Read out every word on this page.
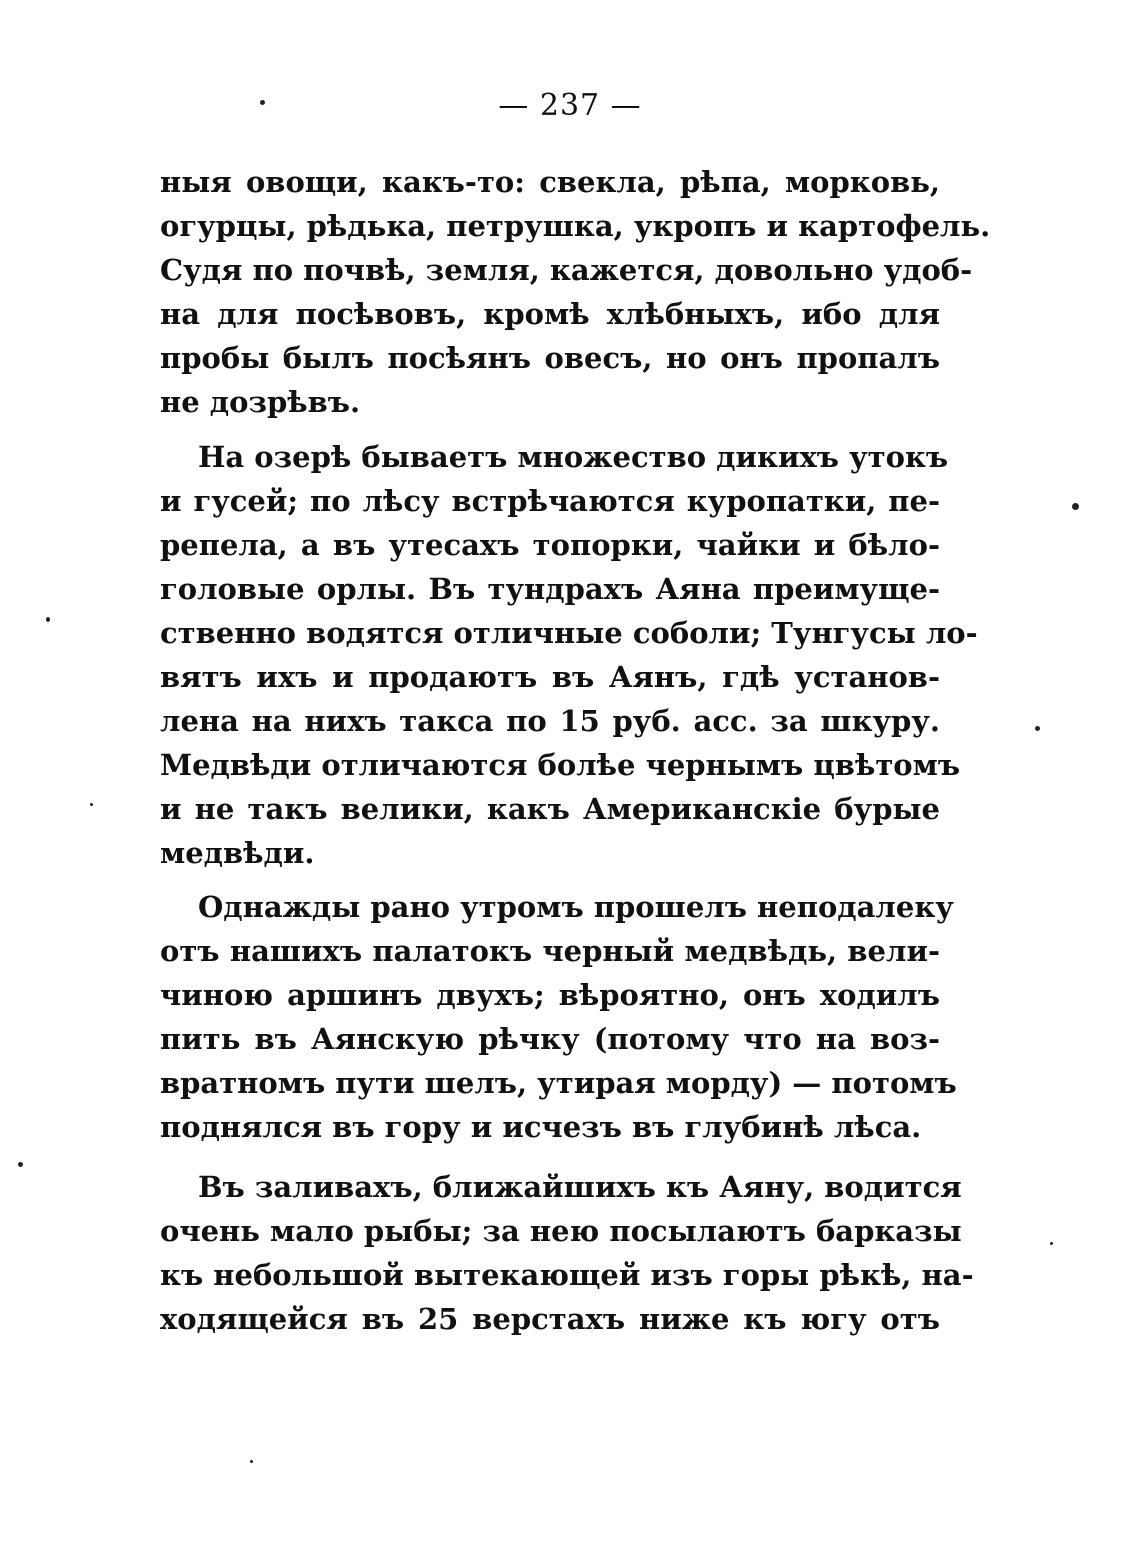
— 237 —
ныя овощи, какъ-то: свекла, рѣпа, морковь,
огурцы, рѣдька, петрушка, укропъ и картофель.
Судя по почвѣ, земля, кажется, довольно удоб-
на для посѣвовъ, кромѣ хлѣбныхъ, ибо для
пробы былъ посѣянъ овесъ, но онъ пропалъ
не дозрѣвъ.
На озерѣ бываетъ множество дикихъ утокъ
и гусей; по лѣсу встрѣчаются куропатки, пе-
репела, а въ утесахъ топорки, чайки и бѣло-
головые орлы. Въ тундрахъ Аяна преимуще-
ственно водятся отличные соболи; Тунгусы ло-
вятъ ихъ и продаютъ въ Аянъ, гдѣ установ-
лена на нихъ такса по 15 руб. асс. за шкуру.
Медвѣди отличаются болѣе чернымъ цвѣтомъ
и не такъ велики, какъ Американскіе бурые
медвѣди.
Однажды рано утромъ прошелъ неподалеку
отъ нашихъ палатокъ черный медвѣдь, вели-
чиною аршинъ двухъ; вѣроятно, онъ ходилъ
пить въ Аянскую рѣчку (потому что на воз-
вратномъ пути шелъ, утирая морду) — потомъ
поднялся въ гору и исчезъ въ глубинѣ лѣса.
Въ заливахъ, ближайшихъ къ Аяну, водится
очень мало рыбы; за нею посылаютъ барказы
къ небольшой вытекающей изъ горы рѣкѣ, на-
ходящейся въ 25 верстахъ ниже къ югу отъ
